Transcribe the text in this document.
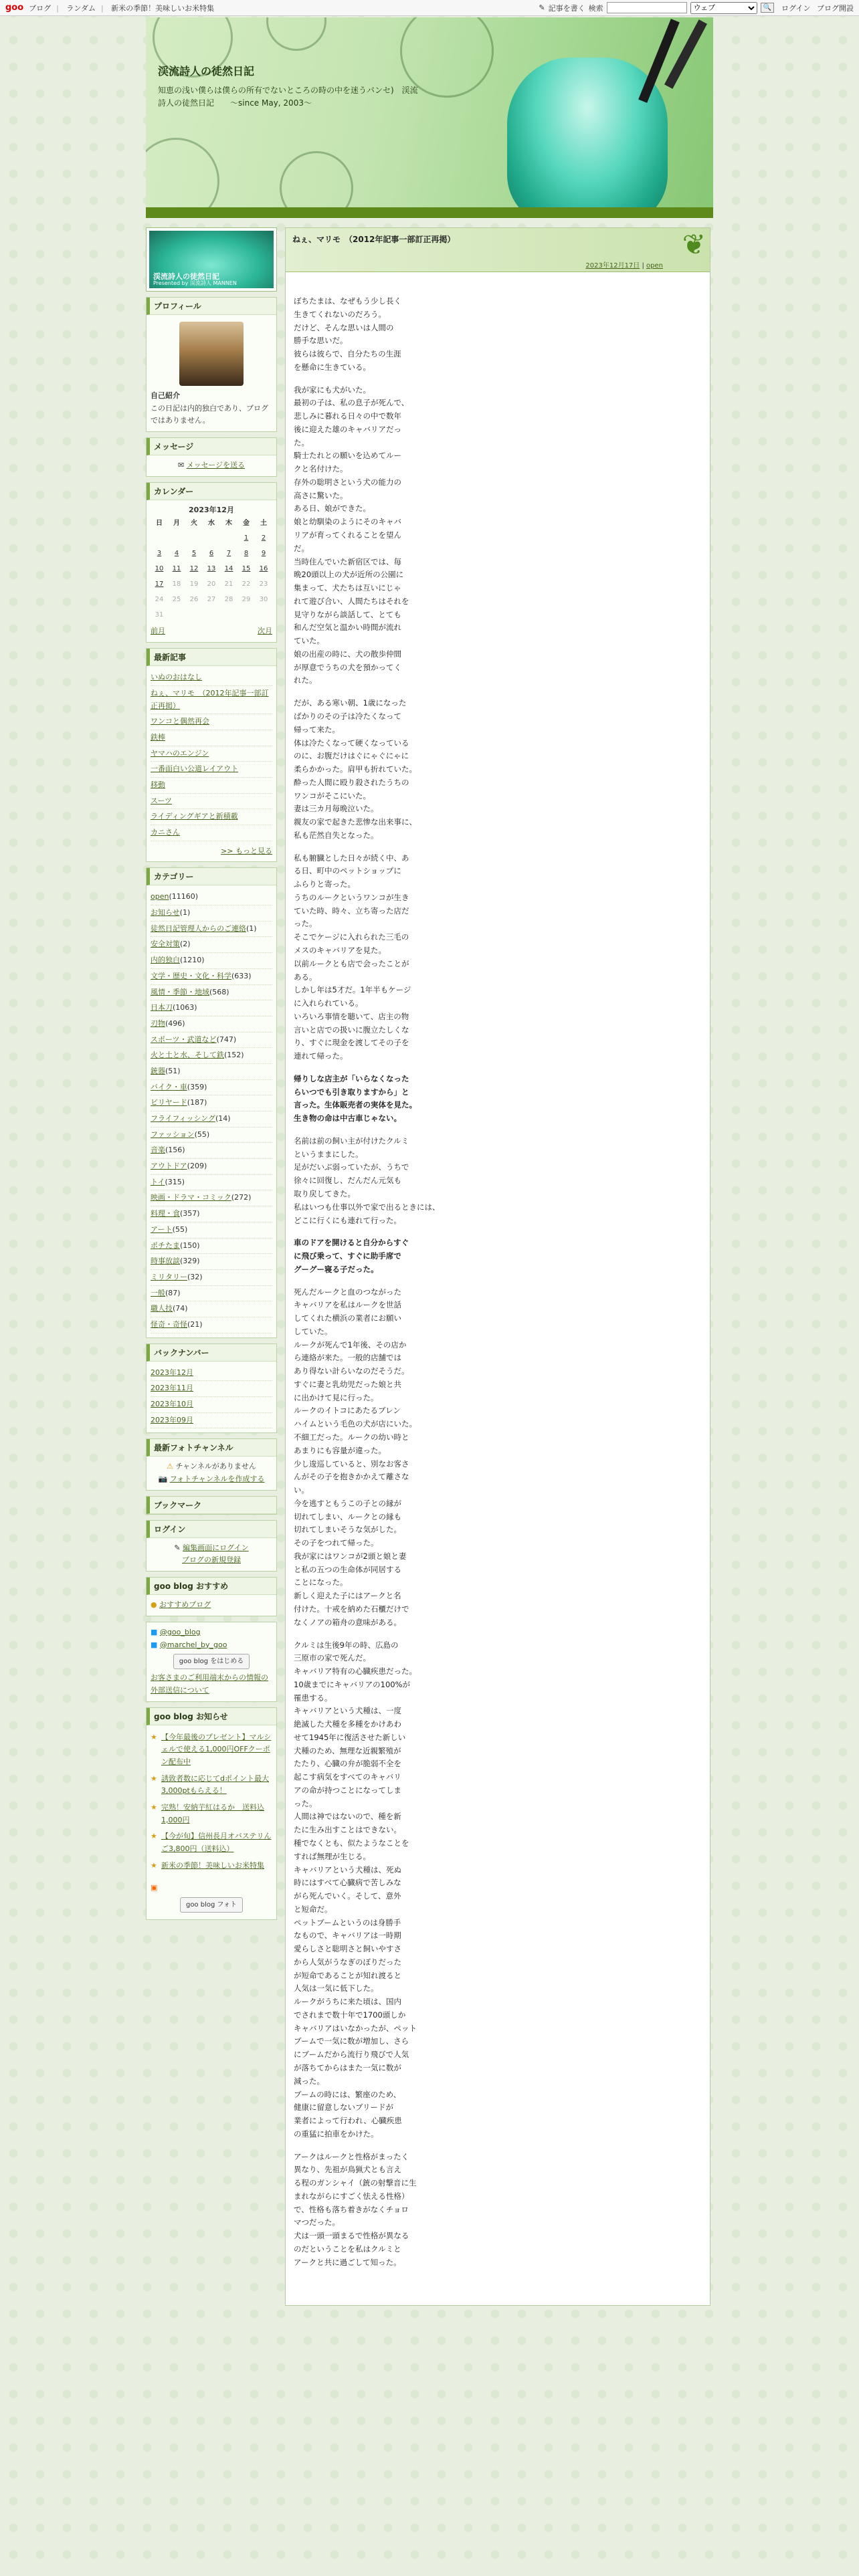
goo ブログ | ランダム | 新米の季節！美味しいお米特集	✎ 記事を書く 検索
ウェブ	🔍	ログイン ブログ開設
渓流詩人の徒然日記
知恵の浅い僕らは僕らの所有でないところの時の中を迷うパンセ)　渓流詩人の徒然日記　　～since May, 2003～
渓流詩人の徒然日記
Presented by 渓流詩人 MANNEN
プロフィール
自己紹介
この日記は内的独白であり、ブログではありません。
メッセージ
✉ メッセージを送る
カレンダー
2023年12月
日	月	火	水	木	金	土
					1	2
3	4	5	6	7	8	9
10	11	12	13	14	15	16
17	18	19	20	21	22	23
24	25	26	27	28	29	30
31						
前月	次月
最新記事
いぬのおはなし
ねぇ、マリモ　（2012年記事一部訂正再掲）
ワンコと偶然再会
鉄棒
ヤマハのエンジン
一番面白い公道レイアウト
移動
スーツ
ライディングギアと新積載
カニさん
>> もっと見る
カテゴリー
open(11160)
お知らせ(1)
徒然日記管理人からのご連絡(1)
安全対策(2)
内的独白(1210)
文学・歴史・文化・科学(633)
風情・季節・地域(568)
日本刀(1063)
刃物(496)
スポーツ・武道など(747)
火と土と水、そして鉄(152)
銃器(51)
バイク・車(359)
ビリヤード(187)
フライフィッシング(14)
ファッション(55)
音楽(156)
アウトドア(209)
トイ(315)
映画・ドラマ・コミック(272)
料理・食(357)
アート(55)
ポチたま(150)
時事放談(329)
ミリタリー(32)
一般(87)
職人技(74)
怪奇・奇怪(21)
バックナンバー
2023年12月
2023年11月
2023年10月
2023年09月
最新フォトチャンネル
⚠ チャンネルがありません
📷 フォトチャンネルを作成する
ブックマーク
ログイン
✎ 編集画面にログイン
ブログの新規登録
goo blog おすすめ
● おすすめブログ
■ @goo_blog
■ @marchel_by_goo
goo blog をはじめる
お客さまのご利用端末からの情報の外部送信について
goo blog お知らせ
★ 【今年最後のプレゼント】マルシェルで使える1,000円OFFクーポン配布中
★ 誘致者数に応じてdポイント最大3,000ptもらえる！
★ 完熟！安納芋紅はるか　送料込1,000円
★ 【今が旬】信州長月オバステリんご3,800円（送料込）
★ 新米の季節！美味しいお米特集
▣
goo blog フォト
ねぇ、マリモ　（2012年記事一部訂正再掲）
2023年12月17日 | open
❦

ぼちたまは、なぜもう少し長く
生きてくれないのだろう。
だけど、そんな思いは人間の
勝手な思いだ。
彼らは彼らで、自分たちの生涯
を懸命に生きている。

我が家にも犬がいた。
最初の子は、私の息子が死んで、
悲しみに暮れる日々の中で数年
後に迎えた雄のキャバリアだっ
た。
騎士たれとの願いを込めてルー
クと名付けた。
存外の聡明さという犬の能力の
高さに驚いた。
ある日、娘ができた。
娘と幼馴染のようにそのキャバ
リアが育ってくれることを望ん
だ。
当時住んでいた新宿区では、毎
晩20頭以上の犬が近所の公園に
集まって、犬たちは互いにじゃ
れて遊び合い、人間たちはそれを
見守りながら談話して、とても
和んだ空気と温かい時間が流れ
ていた。
娘の出産の時に、犬の散歩仲間
が厚意でうちの犬を預かってく
れた。

だが、ある寒い朝、1歳になった
ばかりのその子は冷たくなって
帰って来た。
体は冷たくなって硬くなっている
のに、お腹だけはぐにゃぐにゃに
柔らかかった。肩甲も折れていた。
酔った人間に殴り殺されたうちの
ワンコがそこにいた。
妻は三カ月毎晩泣いた。
親友の家で起きた悲惨な出来事に、
私も茫然自失となった。

私も腑臓とした日々が続く中、あ
る日、町中のペットショップに
ふらりと寄った。
うちのルークというワンコが生き
ていた時、時々、立ち寄った店だ
った。
そこでケージに入れられた三毛の
メスのキャバリアを見た。
以前ルークとも店で会ったことが
ある。
しかし年は5才だ。1年半もケージ
に入れられている。
いろいろ事情を聴いて、店主の物
言いと店での扱いに腹立たしくな
り、すぐに現金を渡してその子を
連れて帰った。

帰りしな店主が「いらなくなった
らいつでも引き取りますから」と
言った。生体販売者の実体を見た。
生き物の命は中古車じゃない。

名前は前の飼い主が付けたクルミ
というままにした。
足がだいぶ弱っていたが、うちで
徐々に回復し、だんだん元気も
取り戻してきた。
私はいつも仕事以外で家で出るときには、
どこに行くにも連れて行った。

車のドアを開けると自分からすぐ
に飛び乗って、すぐに助手席で
グーグー寝る子だった。

死んだルークと血のつながった
キャバリアを私はルークを世話
してくれた横浜の業者にお願い
していた。
ルークが死んで1年後、その店か
ら連絡が来た。一般的店舗では
あり得ない計らいなのだそうだ。
すぐに妻と乳幼児だった娘と共
に出かけて見に行った。
ルークのイトコにあたるブレン
ハイムという毛色の犬が店にいた。
不細工だった。ルークの幼い時と
あまりにも容量が違った。
少し逡巡していると、別なお客さ
んがその子を抱きかかえて離さな
い。
今を逃すともうこの子との縁が
切れてしまい、ルークとの縁も
切れてしまいそうな気がした。
その子をつれて帰った。
我が家にはワンコが2頭と娘と妻
と私の五つの生命体が同居する
ことになった。
新しく迎えた子にはアークと名
付けた。十戒を納めた石櫃だけで
なくノアの箱舟の意味がある。

クルミは生後9年の時、広島の
三原市の家で死んだ。
キャバリア特有の心臓疾患だった。
10歳までにキャバリアの100%が
罹患する。
キャバリアという犬種は、一度
絶滅した犬種を多種をかけあわ
せて1945年に復活させた新しい
犬種のため、無理な近親繁殖が
たたり、心臓の弁が脆弱不全を
起こす病気をすべてのキャバリ
アの命が持つことになってしま
った。
人間は神ではないので、種を新
たに生み出すことはできない。
種でなくとも、似たようなことを
すれば無理が生じる。
キャバリアという犬種は、死ぬ
時にはすべて心臓病で苦しみな
がら死んでいく。そして、意外
と短命だ。
ペットブームというのは身勝手
なもので、キャバリアは一時期
愛らしさと聡明さと飼いやすさ
から人気がうなぎのぼりだった
が短命であることが知れ渡ると
人気は一気に低下した。
ルークがうちに来た頃は、国内
でされまで数十年で1700頭しか
キャバリアはいなかったが、ペット
ブームで一気に数が増加し、さら
にブームだから流行り飛びで人気
が落ちてからはまた一気に数が
減った。
ブームの時には、繁座のため、
健康に留意しないブリードが
業者によって行われ、心臓疾患
の重猛に拍車をかけた。

アークはルークと性格がまったく
異なり、先祖が鳥猟犬とも言え
る程のガンシャイ（銃の射撃音に生
まれながらにすごく怯える性格）
で、性格も落ち着きがなくチョロ
マつだった。
犬は一頭一頭まるで性格が異なる
のだということを私はクルミと
アークと共に過ごして知った。
